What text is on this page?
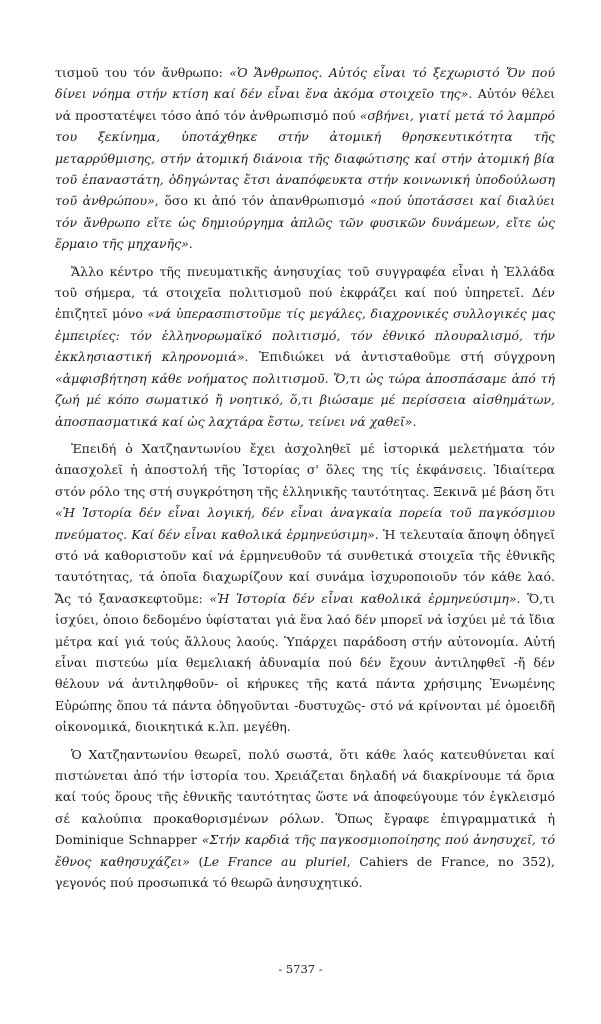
τισμοῦ του τόν ἄνθρωπο: «Ὁ Ἄνθρωπος. Αὐτός εἶναι τό ξεχωριστό Ὄν πού δίνει νόημα στήν κτίση καί δέν εἶναι ἕνα ἀκόμα στοιχεῖο της». Αὐτόν θέλει νά προστατέψει τόσο ἀπό τόν ἀνθρωπισμό πού «σβήνει, γιατί μετά τό λαμπρό του ξεκίνημα, ὑποτάχθηκε στήν ἀτομική θρησκευτικότητα τῆς μεταρρύθμισης, στήν ἀτομική διάνοια τῆς διαφώτισης καί στήν ἀτομική βία τοῦ ἐπαναστάτη, ὁδηγώντας ἔτσι ἀναπόφευκτα στήν κοινωνική ὑποδούλωση τοῦ ἀνθρώπου», ὅσο κι ἀπό τόν ἀπανθρωπισμό «πού ὑποτάσσει καί διαλύει τόν ἄνθρωπο εἴτε ὡς δημιούργημα ἁπλῶς τῶν φυσικῶν δυνάμεων, εἴτε ὡς ἕρμαιο τῆς μηχανῆς».

Ἄλλο κέντρο τῆς πνευματικῆς ἀνησυχίας τοῦ συγγραφέα εἶναι ἡ Ἑλλάδα τοῦ σήμερα, τά στοιχεῖα πολιτισμοῦ πού ἐκφράζει καί πού ὑπηρετεῖ. Δέν ἐπιζητεῖ μόνο «νά ὑπερασπιστοῦμε τίς μεγάλες, διαχρονικές συλλογικές μας ἐμπειρίες: τόν ἑλληνορωμαϊκό πολιτισμό, τόν ἐθνικό πλουραλισμό, τήν ἐκκλησιαστική κληρονομιά». Ἐπιδιώκει νά ἀντισταθοῦμε στή σύγχρονη «ἀμφισβήτηση κάθε νοήματος πολιτισμοῦ. Ὅ,τι ὡς τώρα ἀποσπάσαμε ἀπό τή ζωή μέ κόπο σωματικό ἤ νοητικό, ὅ,τι βιώσαμε μέ περίσσεια αἰσθημάτων, ἀποσπασματικά καί ὡς λαχτάρα ἔστω, τείνει νά χαθεῖ».

Ἐπειδή ὁ Χατζηαντωνίου ἔχει ἀσχοληθεῖ μέ ἱστορικά μελετήματα τόν ἀπασχολεῖ ἡ ἀποστολή τῆς Ἱστορίας σ' ὅλες της τίς ἐκφάνσεις. Ἰδιαίτερα στόν ρόλο της στή συγκρότηση τῆς ἑλληνικῆς ταυτότητας. Ξεκινᾶ μέ βάση ὅτι «Ἡ Ἱστορία δέν εἶναι λογική, δέν εἶναι ἀναγκαία πορεία τοῦ παγκόσμιου πνεύματος. Καί δέν εἶναι καθολικά ἑρμηνεύσιμη». Ἡ τελευταία ἄποψη ὁδηγεῖ στό νά καθοριστοῦν καί νά ἑρμηνευθοῦν τά συνθετικά στοιχεῖα τῆς ἐθνικῆς ταυτότητας, τά ὁποῖα διαχωρίζουν καί συνάμα ἰσχυροποιοῦν τόν κάθε λαό. Ἄς τό ξανασκεφτοῦμε: «Ἡ Ἱστορία δέν εἶναι καθολικά ἑρμηνεύσιμη». Ὅ,τι ἰσχύει, ὁποιο δεδομένο ὑφίσταται γιά ἕνα λαό δέν μπορεῖ νά ἰσχύει μέ τά ἴδια μέτρα καί γιά τούς ἄλλους λαούς. Ὑπάρχει παράδοση στήν αὐτονομία. Αὐτή εἶναι πιστεύω μία θεμελιακή ἀδυναμία πού δέν ἔχουν ἀντιληφθεῖ -ἤ δέν θέλουν νά ἀντιληφθοῦν- οἱ κήρυκες τῆς κατά πάντα χρήσιμης Ἑνωμένης Εὐρώπης ὅπου τά πάντα ὁδηγοῦνται -δυστυχῶς- στό νά κρίνονται μέ ὁμοειδῆ οἰκονομικά, διοικητικά κ.λπ. μεγέθη.

Ὁ Χατζηαντωνίου θεωρεῖ, πολύ σωστά, ὅτι κάθε λαός κατευθύνεται καί πιστώνεται ἀπό τήν ἱστορία του. Χρειάζεται δηλαδή νά διακρίνουμε τά ὅρια καί τούς ὅρους τῆς ἐθνικῆς ταυτότητας ὥστε νά ἀποφεύγουμε τόν ἐγκλεισμό σέ καλούπια προκαθορισμένων ρόλων. Ὅπως ἔγραφε ἐπιγραμματικά ἡ Dominique Schnapper «Στήν καρδιά τῆς παγκοσμιοποίησης πού ἀνησυχεῖ, τό ἔθνος καθησυχάζει» (Le France au pluriel, Cahiers de France, no 352), γεγονός πού προσωπικά τό θεωρῶ ἀνησυχητικό.

- 5737 -
